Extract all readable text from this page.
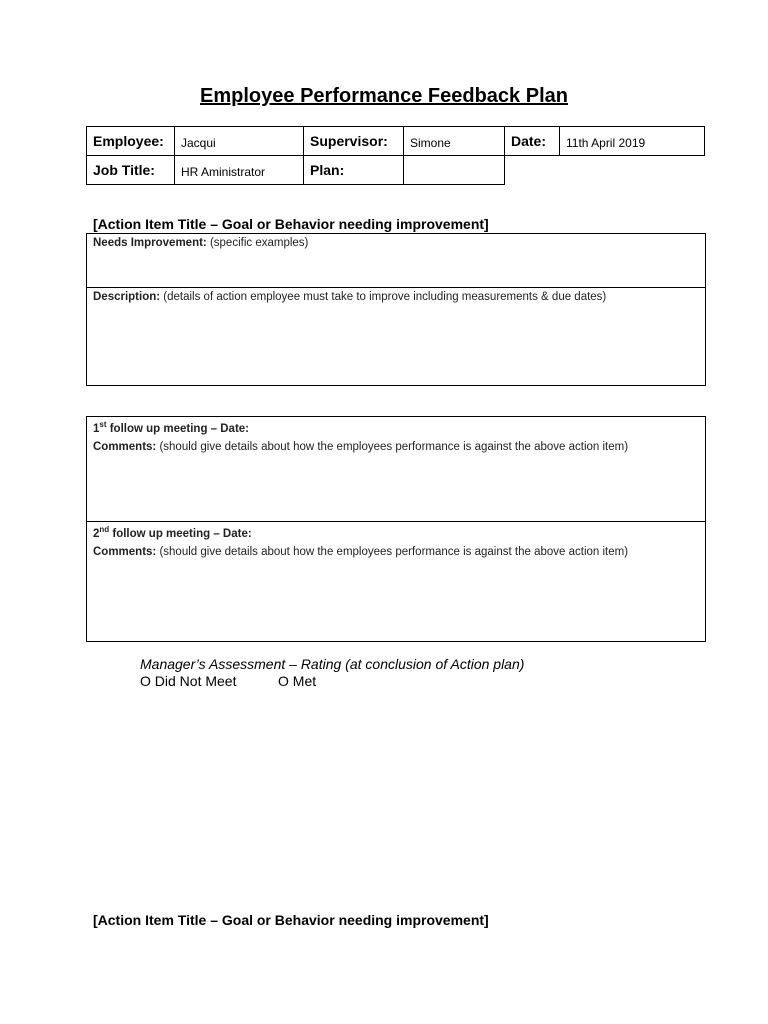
Employee Performance Feedback Plan
Employee:	Jacqui	Supervisor:	Simone	Date:	11th April 2019
Job Title:	HR Aministrator	Plan:			
[Action Item Title – Goal or Behavior needing improvement]
Needs Improvement: (specific examples)
Description: (details of action employee must take to improve including measurements & due dates)
1st follow up meeting – Date:
Comments: (should give details about how the employees performance is against the above action item)
2nd follow up meeting – Date:
Comments: (should give details about how the employees performance is against the above action item)
Manager’s Assessment – Rating (at conclusion of Action plan)
O Did Not Meet	O Met
[Action Item Title – Goal or Behavior needing improvement]
